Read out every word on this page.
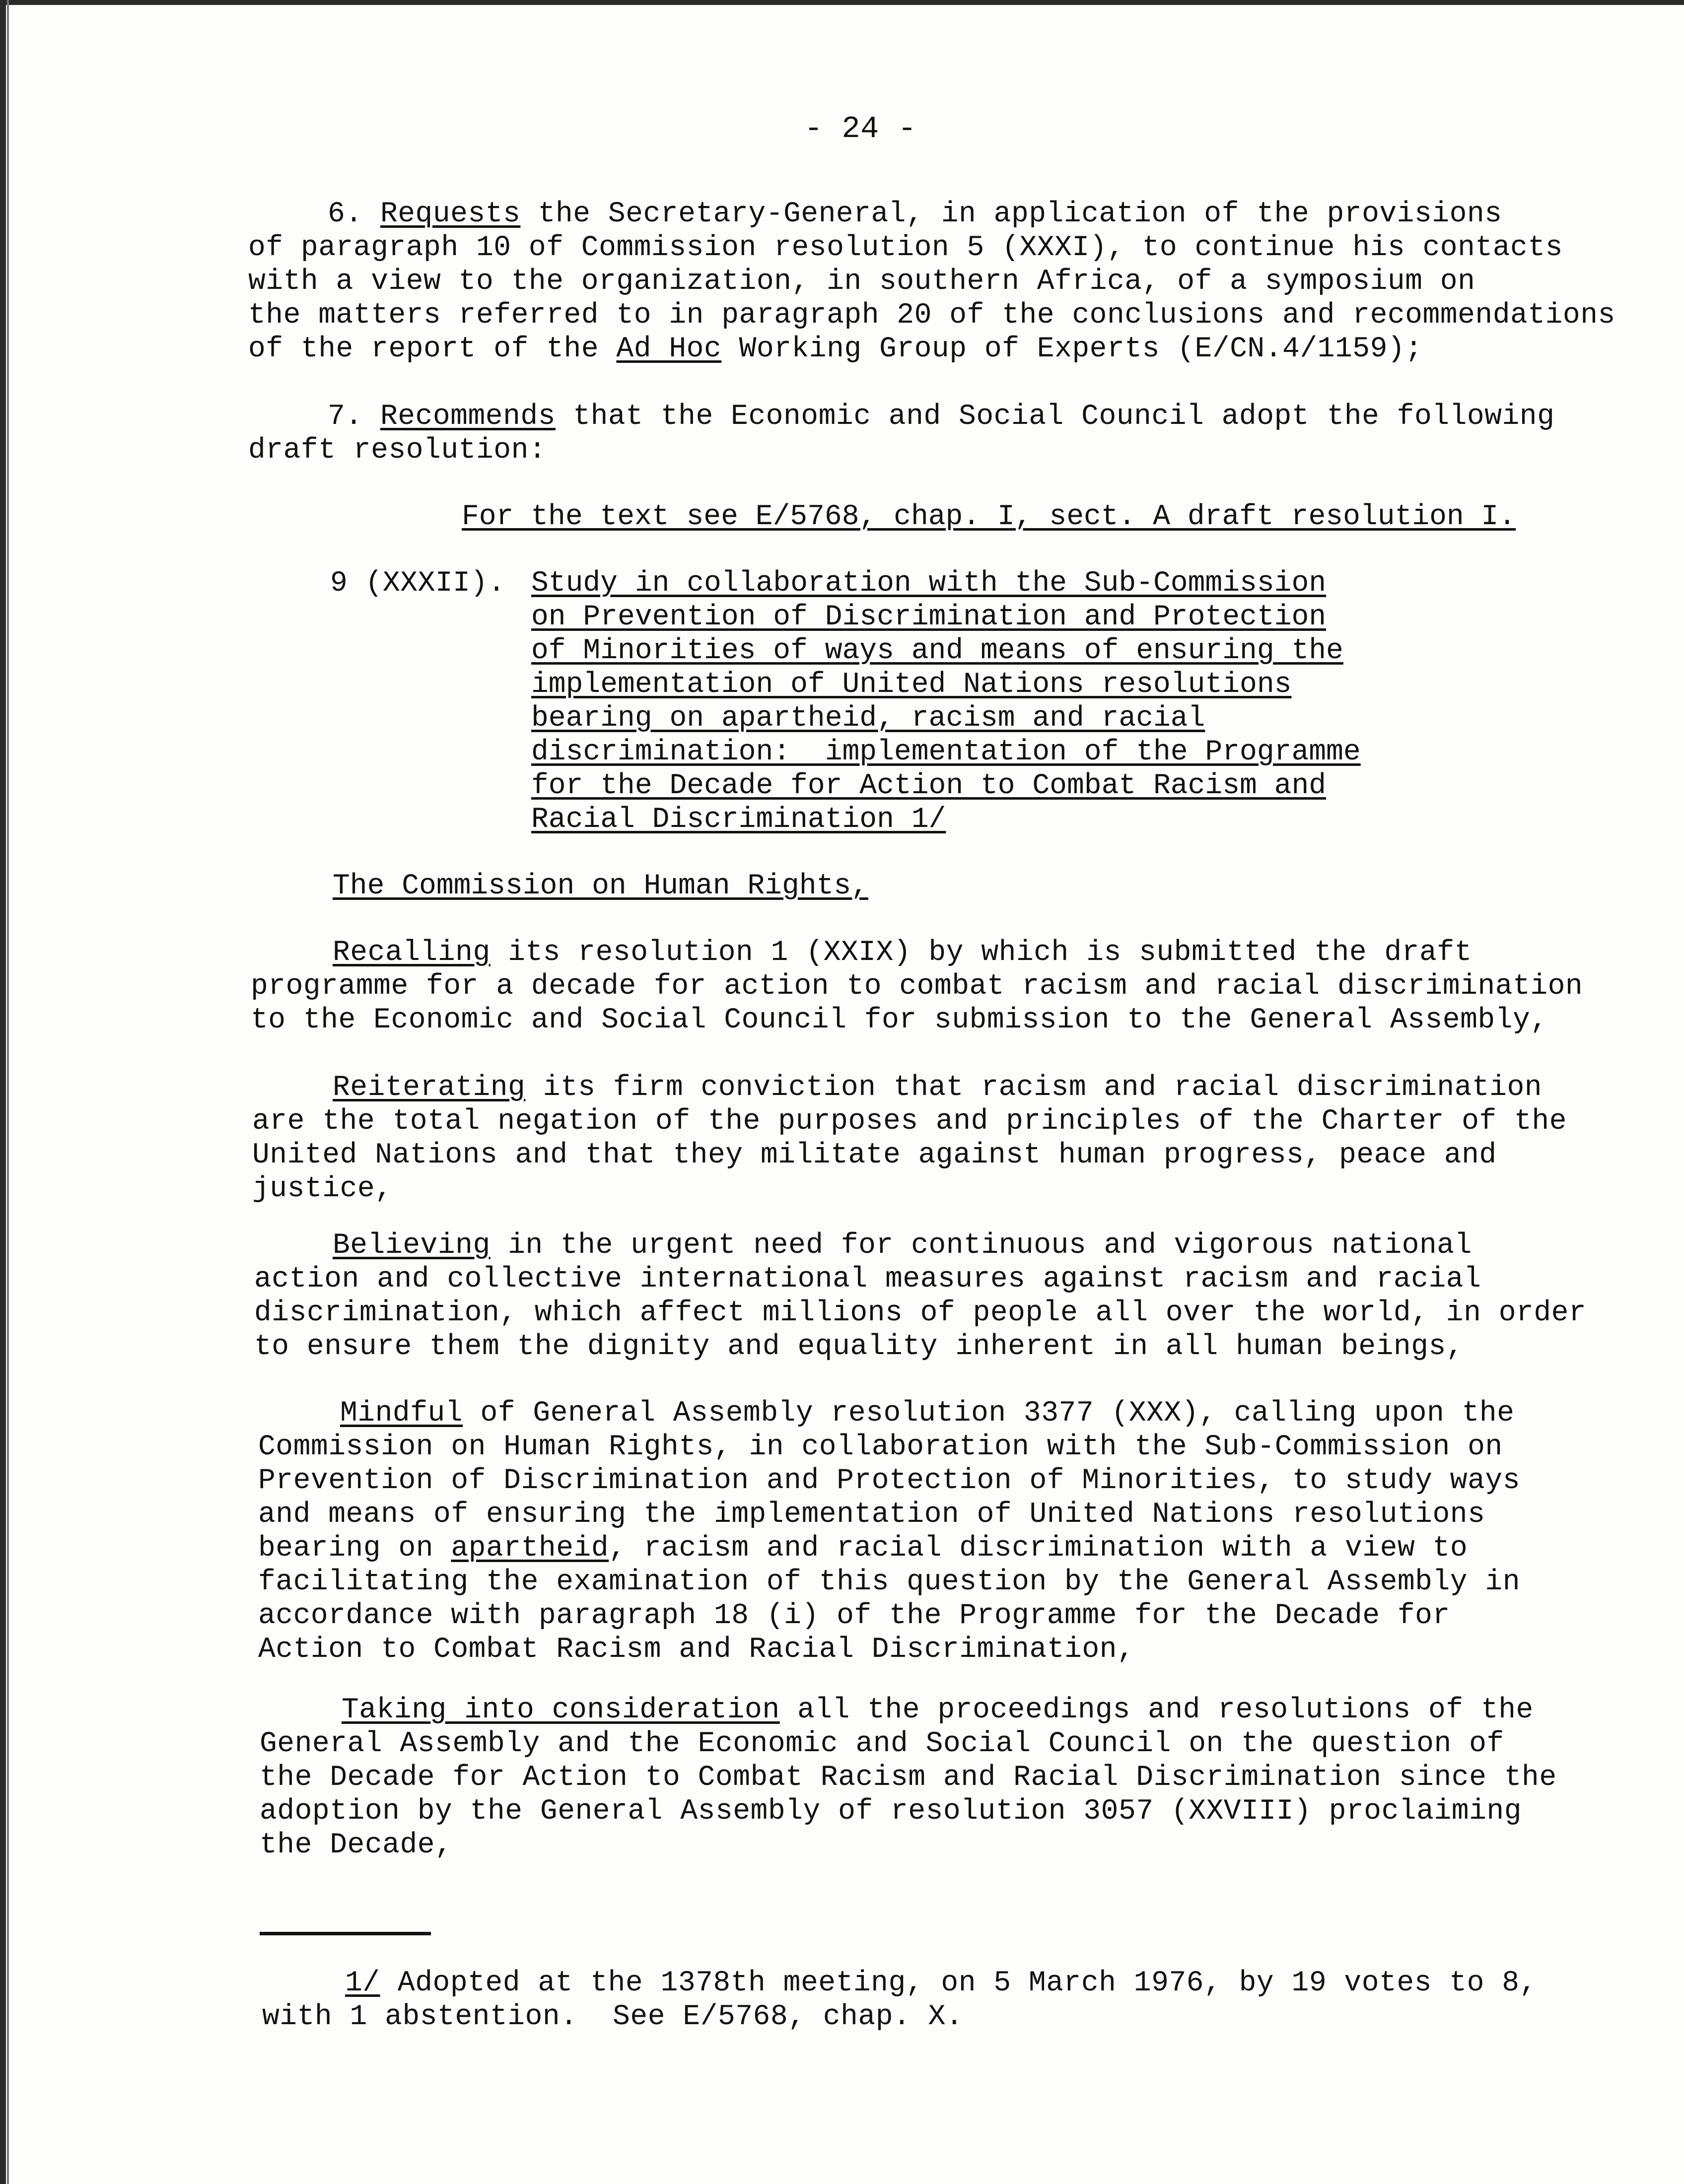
- 24 -
6. Requests the Secretary-General, in application of the provisions
of paragraph 10 of Commission resolution 5 (XXXI), to continue his contacts
with a view to the organization, in southern Africa, of a symposium on
the matters referred to in paragraph 20 of the conclusions and recommendations
of the report of the Ad Hoc Working Group of Experts (E/CN.4/1159);
7. Recommends that the Economic and Social Council adopt the following
draft resolution:
For the text see E/5768, chap. I, sect. A draft resolution I.
9 (XXXII). Study in collaboration with the Sub-Commission
on Prevention of Discrimination and Protection
of Minorities of ways and means of ensuring the
implementation of United Nations resolutions
bearing on apartheid, racism and racial
discrimination:  implementation of the Programme
for the Decade for Action to Combat Racism and
Racial Discrimination 1/
The Commission on Human Rights,
Recalling its resolution 1 (XXIX) by which is submitted the draft
programme for a decade for action to combat racism and racial discrimination
to the Economic and Social Council for submission to the General Assembly,
Reiterating its firm conviction that racism and racial discrimination
are the total negation of the purposes and principles of the Charter of the
United Nations and that they militate against human progress, peace and
justice,
Believing in the urgent need for continuous and vigorous national
action and collective international measures against racism and racial
discrimination, which affect millions of people all over the world, in order
to ensure them the dignity and equality inherent in all human beings,
Mindful of General Assembly resolution 3377 (XXX), calling upon the
Commission on Human Rights, in collaboration with the Sub-Commission on
Prevention of Discrimination and Protection of Minorities, to study ways
and means of ensuring the implementation of United Nations resolutions
bearing on apartheid, racism and racial discrimination with a view to
facilitating the examination of this question by the General Assembly in
accordance with paragraph 18 (i) of the Programme for the Decade for
Action to Combat Racism and Racial Discrimination,
Taking into consideration all the proceedings and resolutions of the
General Assembly and the Economic and Social Council on the question of
the Decade for Action to Combat Racism and Racial Discrimination since the
adoption by the General Assembly of resolution 3057 (XXVIII) proclaiming
the Decade,
1/ Adopted at the 1378th meeting, on 5 March 1976, by 19 votes to 8,
with 1 abstention.  See E/5768, chap. X.
